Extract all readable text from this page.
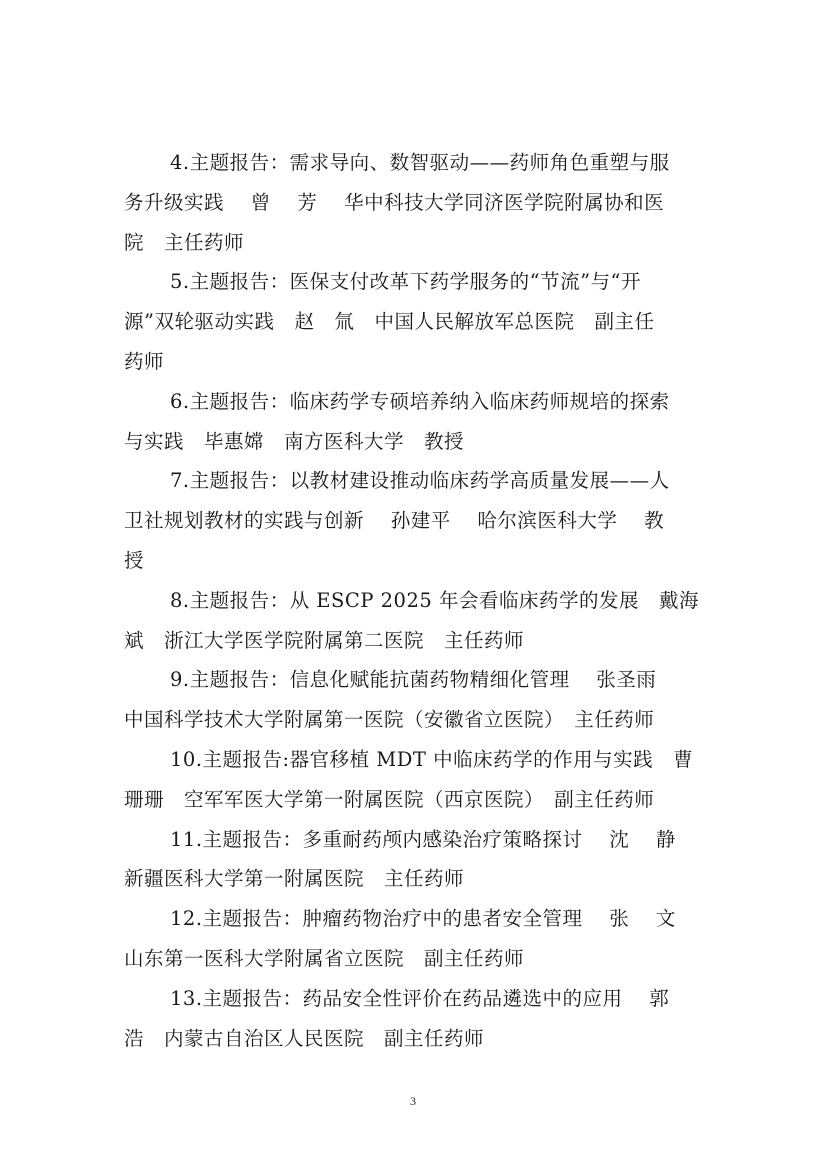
4.主题报告：需求导向、数智驱动——药师角色重塑与服
务升级实践　 曾　 芳　 华中科技大学同济医学院附属协和医
院　主任药师
5.主题报告：医保支付改革下药学服务的“节流”与“开
源”双轮驱动实践　赵　氚　中国人民解放军总医院　副主任
药师
6.主题报告：临床药学专硕培养纳入临床药师规培的探索
与实践　毕惠嫦　南方医科大学　教授
7.主题报告：以教材建设推动临床药学高质量发展——人
卫社规划教材的实践与创新　 孙建平　 哈尔滨医科大学　 教
授
8.主题报告：从 ESCP 2025 年会看临床药学的发展　戴海
斌　浙江大学医学院附属第二医院　主任药师
9.主题报告：信息化赋能抗菌药物精细化管理　 张圣雨
中国科学技术大学附属第一医院（安徽省立医院）　主任药师
10.主题报告:器官移植 MDT 中临床药学的作用与实践　曹
珊珊　空军军医大学第一附属医院（西京医院）　副主任药师
11.主题报告：多重耐药颅内感染治疗策略探讨　 沈　 静
新疆医科大学第一附属医院　主任药师
12.主题报告：肿瘤药物治疗中的患者安全管理　 张　 文
山东第一医科大学附属省立医院　副主任药师
13.主题报告：药品安全性评价在药品遴选中的应用　 郭
浩　内蒙古自治区人民医院　副主任药师
3
